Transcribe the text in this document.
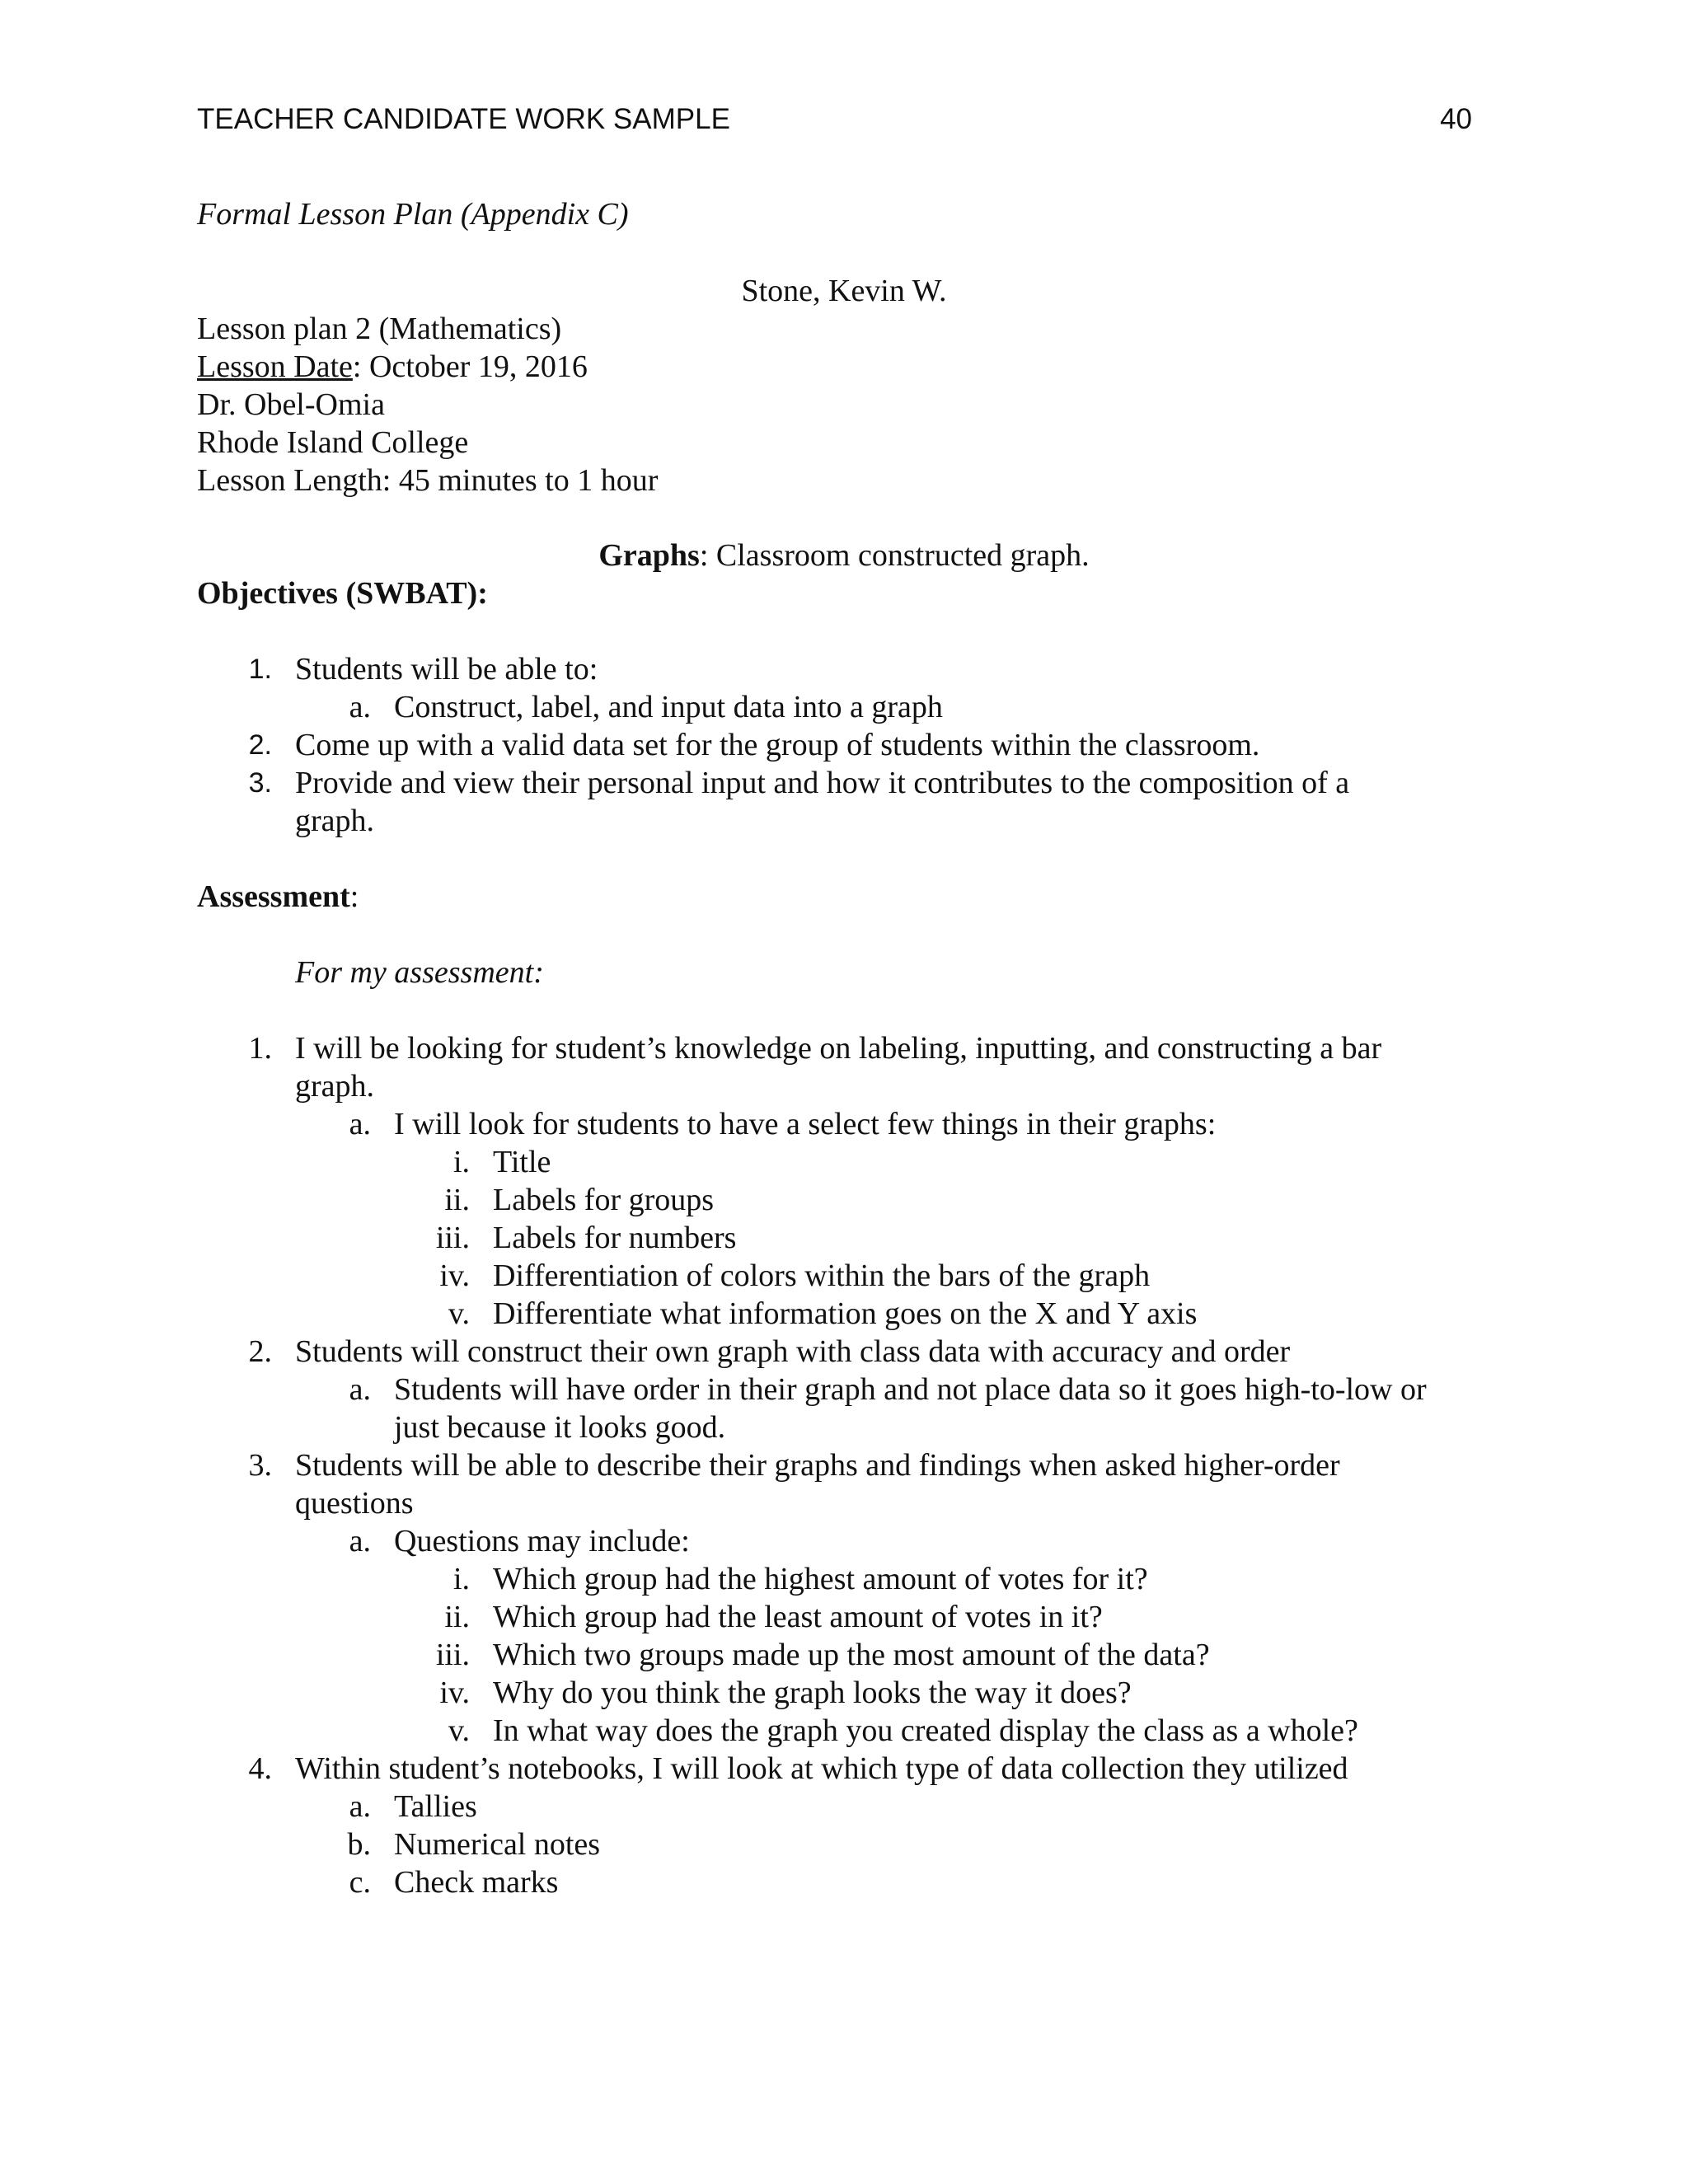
TEACHER CANDIDATE WORK SAMPLE	40
Formal Lesson Plan (Appendix C)
Stone, Kevin W.
Lesson plan 2 (Mathematics)
Lesson Date: October 19, 2016
Dr. Obel-Omia
Rhode Island College
Lesson Length: 45 minutes to 1 hour
Graphs: Classroom constructed graph.
Objectives (SWBAT):
1. Students will be able to:
a. Construct, label, and input data into a graph
2. Come up with a valid data set for the group of students within the classroom.
3. Provide and view their personal input and how it contributes to the composition of a
graph.
Assessment:
For my assessment:
1. I will be looking for student’s knowledge on labeling, inputting, and constructing a bar
graph.
a. I will look for students to have a select few things in their graphs:
i. Title
ii. Labels for groups
iii. Labels for numbers
iv. Differentiation of colors within the bars of the graph
v. Differentiate what information goes on the X and Y axis
2. Students will construct their own graph with class data with accuracy and order
a. Students will have order in their graph and not place data so it goes high-to-low or
just because it looks good.
3. Students will be able to describe their graphs and findings when asked higher-order
questions
a. Questions may include:
i. Which group had the highest amount of votes for it?
ii. Which group had the least amount of votes in it?
iii. Which two groups made up the most amount of the data?
iv. Why do you think the graph looks the way it does?
v. In what way does the graph you created display the class as a whole?
4. Within student’s notebooks, I will look at which type of data collection they utilized
a. Tallies
b. Numerical notes
c. Check marks
